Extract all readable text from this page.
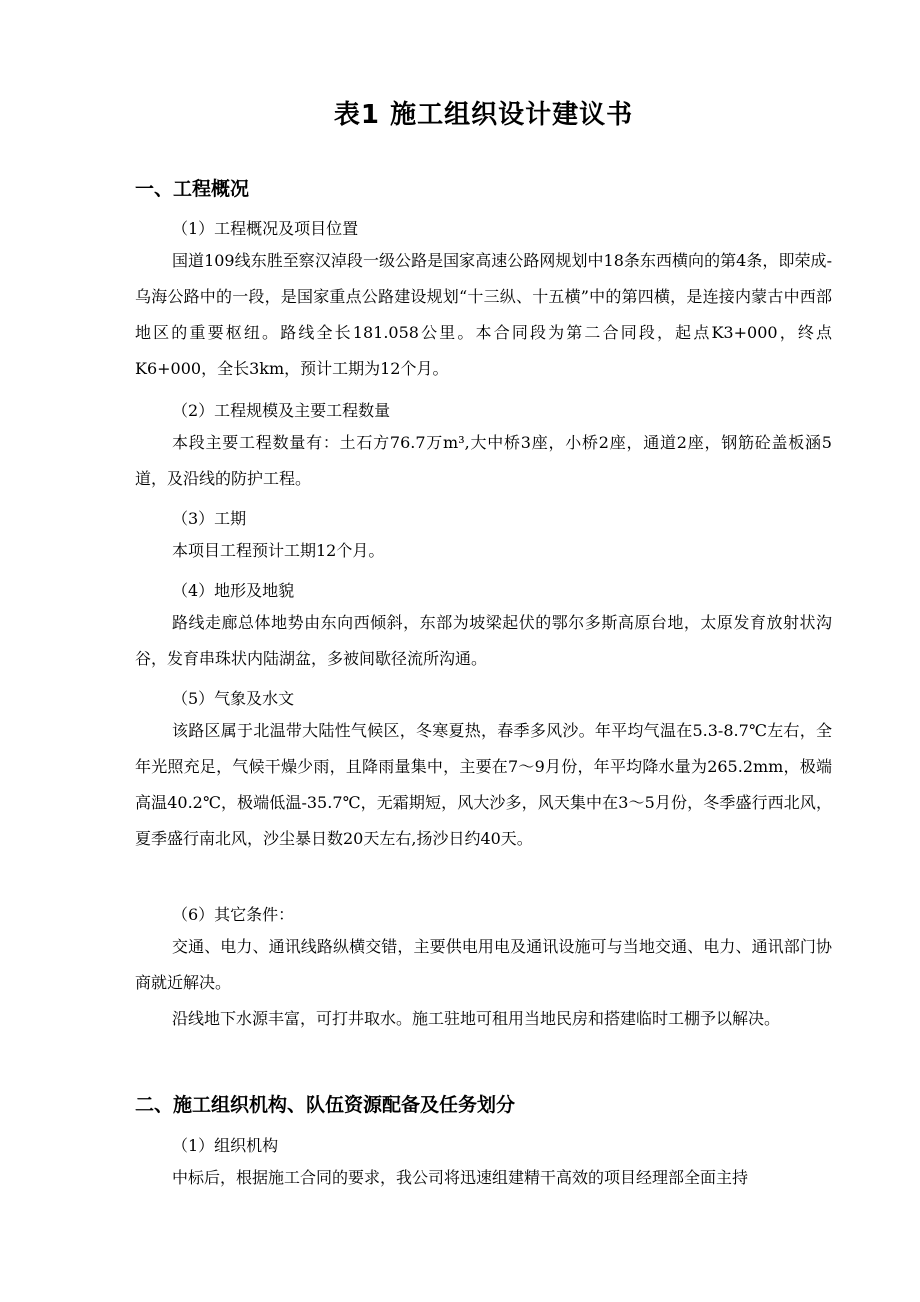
表1 施工组织设计建议书
一、工程概况
（1）工程概况及项目位置
国道109线东胜至察汉淖段一级公路是国家高速公路网规划中18条东西横向的第4条，即荣成-乌海公路中的一段，是国家重点公路建设规划“十三纵、十五横”中的第四横，是连接内蒙古中西部地区的重要枢纽。路线全长181.058公里。本合同段为第二合同段，起点K3+000，终点K6+000，全长3km，预计工期为12个月。
（2）工程规模及主要工程数量
本段主要工程数量有：土石方76.7万m³,大中桥3座，小桥2座，通道2座，钢筋砼盖板涵5道，及沿线的防护工程。
（3）工期
本项目工程预计工期12个月。
（4）地形及地貌
路线走廊总体地势由东向西倾斜，东部为坡梁起伏的鄂尔多斯高原台地，太原发育放射状沟谷，发育串珠状内陆湖盆，多被间歇径流所沟通。
（5）气象及水文
该路区属于北温带大陆性气候区，冬寒夏热，春季多风沙。年平均气温在5.3-8.7℃左右，全年光照充足，气候干燥少雨，且降雨量集中，主要在7～9月份，年平均降水量为265.2mm，极端高温40.2℃，极端低温-35.7℃，无霜期短，风大沙多，风天集中在3～5月份，冬季盛行西北风，夏季盛行南北风，沙尘暴日数20天左右,扬沙日约40天。
（6）其它条件：
交通、电力、通讯线路纵横交错，主要供电用电及通讯设施可与当地交通、电力、通讯部门协商就近解决。
沿线地下水源丰富，可打井取水。施工驻地可租用当地民房和搭建临时工棚予以解决。
二、施工组织机构、队伍资源配备及任务划分
（1）组织机构
中标后，根据施工合同的要求，我公司将迅速组建精干高效的项目经理部全面主持
